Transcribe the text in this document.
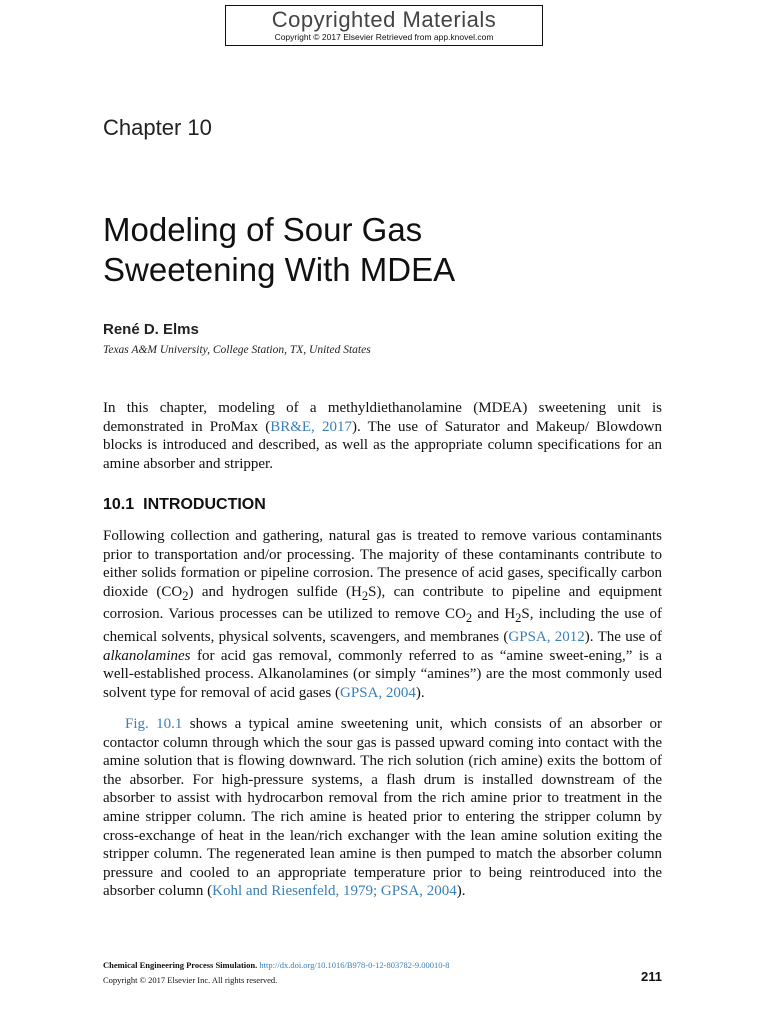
Copyrighted Materials
Copyright © 2017 Elsevier Retrieved from app.knovel.com
Chapter 10
Modeling of Sour Gas
Sweetening With MDEA
René D. Elms
Texas A&M University, College Station, TX, United States

In this chapter, modeling of a methyldiethanolamine (MDEA) sweetening unit is demonstrated in ProMax (BR&E, 2017). The use of Saturator and Makeup/ Blowdown blocks is introduced and described, as well as the appropriate column specifications for an amine absorber and stripper.

10.1 INTRODUCTION

Following collection and gathering, natural gas is treated to remove various contaminants prior to transportation and/or processing. The majority of these contaminants contribute to either solids formation or pipeline corrosion. The presence of acid gases, specifically carbon dioxide $(CO_2)$ and hydrogen sulfide $(H_2S)$, can contribute to pipeline and equipment corrosion. Various processes can be utilized to remove $CO_2$ and $H_2S$, including the use of chemical solvents, physical solvents, scavengers, and membranes (GPSA, 2012). The use of alkanolamines for acid gas removal, commonly referred to as “amine sweet-ening,” is a well-established process. Alkanolamines (or simply “amines”) are the most commonly used solvent type for removal of acid gases (GPSA, 2004).

Fig. 10.1 shows a typical amine sweetening unit, which consists of an absorber or contactor column through which the sour gas is passed upward coming into contact with the amine solution that is flowing downward. The rich solution (rich amine) exits the bottom of the absorber. For high-pressure systems, a flash drum is installed downstream of the absorber to assist with hydrocarbon removal from the rich amine prior to treatment in the amine stripper column. The rich amine is heated prior to entering the stripper column by cross-exchange of heat in the lean/rich exchanger with the lean amine solution exiting the stripper column. The regenerated lean amine is then pumped to match the absorber column pressure and cooled to an appropriate temperature prior to being reintroduced into the absorber column (Kohl and Riesenfeld, 1979; GPSA, 2004).

Chemical Engineering Process Simulation. http://dx.doi.org/10.1016/B978-0-12-803782-9.00010-8
Copyright © 2017 Elsevier Inc. All rights reserved.	211
